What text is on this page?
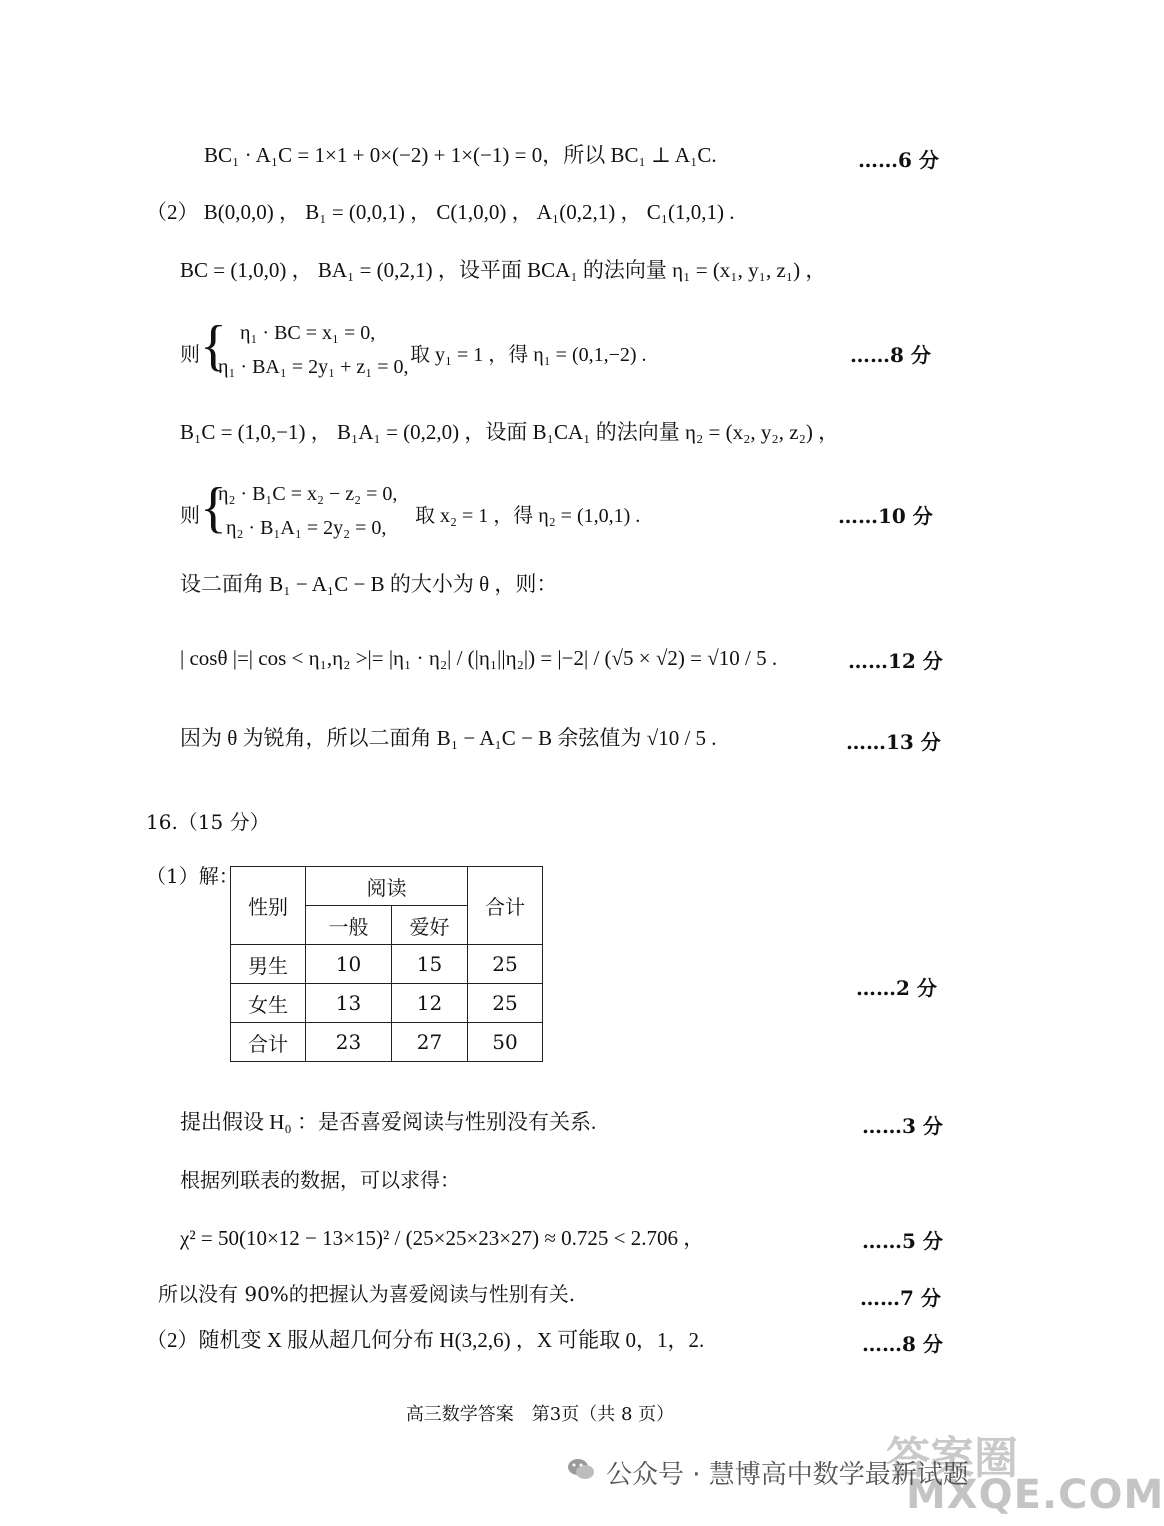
BC₁ · A₁C = 1×1 + 0×(−2) + 1×(−1) = 0，所以 BC₁ ⊥ A₁C.	……6 分
（2） B(0,0,0) ， B₁ = (0,0,1) ， C(1,0,0) ， A₁(0,2,1) ， C₁(1,0,1) .
BC = (1,0,0) ， BA₁ = (0,2,1) ，设平面 BCA₁ 的法向量 η₁ = (x₁, y₁, z₁) ，
则 { η₁ · BC = x₁ = 0,
η₁ · BA₁ = 2y₁ + z₁ = 0,
取 y₁ = 1 ，得 η₁ = (0,1,−2) .	……8 分
B₁C = (1,0,−1) ， B₁A₁ = (0,2,0) ，设面 B₁CA₁ 的法向量 η₂ = (x₂, y₂, z₂) ，
则 {
η₂ · B₁C = x₂ − z₂ = 0,
η₂ · B₁A₁ = 2y₂ = 0,
取 x₂ = 1 ，得 η₂ = (1,0,1) .	……10 分
设二面角 B₁ − A₁C − B 的大小为 θ ，则：
| cosθ |=| cos < η₁,η₂ >|= |η₁ · η₂| / (|η₁||η₂|) = |−2| / (√5 × √2) = √10 / 5 .	……12 分
因为 θ 为锐角，所以二面角 B₁ − A₁C − B 余弦值为 √10 / 5 .	……13 分
16.（15 分）
（1）解：
性别	阅读		合计
	一般	爱好	
男生	10	15	25
女生	13	12	25
合计	23	27	50
……2 分
提出假设 H₀ ：是否喜爱阅读与性别没有关系.	……3 分
根据列联表的数据，可以求得：
χ² = 50(10×12 − 13×15)² / (25×25×23×27) ≈ 0.725 < 2.706 ，	……5 分
所以没有 90%的把握认为喜爱阅读与性别有关.	……7 分
（2）随机变 X 服从超几何分布 H(3,2,6) ，X 可能取 0，1，2.	……8 分
高三数学答案　第3页（共 8 页）
公众号 · 慧博高中数学最新试题
答案圈
MXQE.COM
